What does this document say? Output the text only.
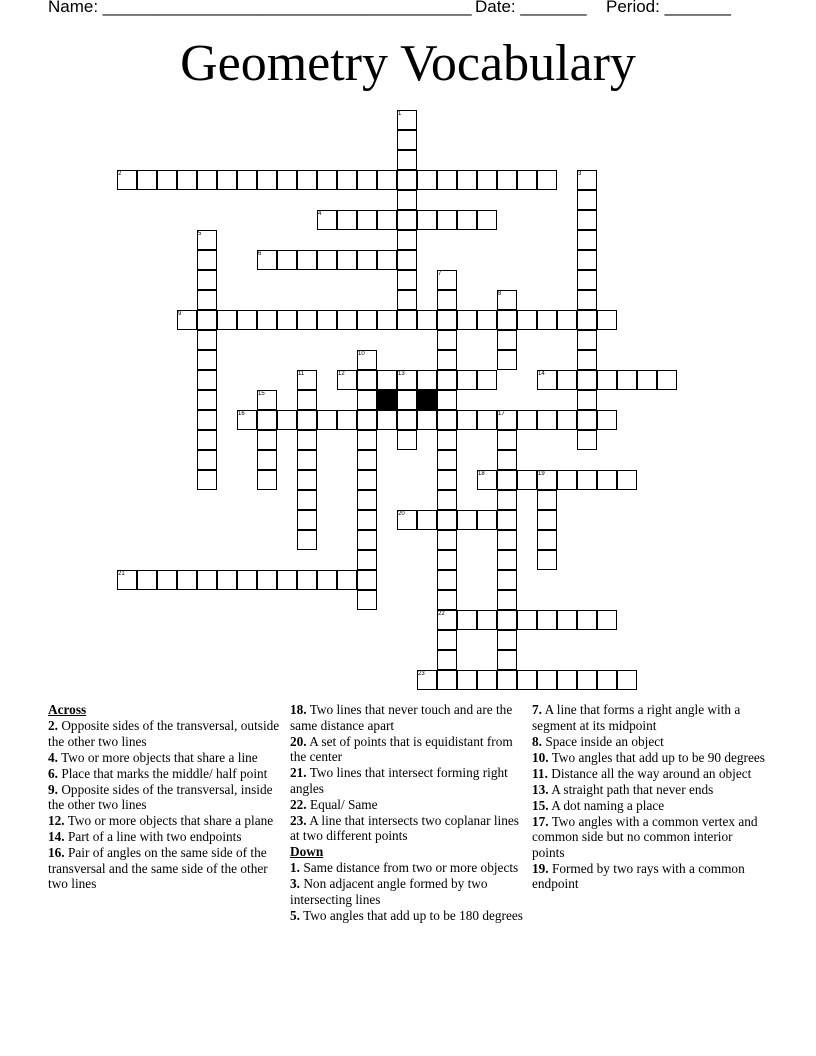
Name: _______________________________________

Date: _______

Period: _______

Geometry Vocabulary
1
2	3
4
5
6
7
8
9
10
11	12	13	14
15
16	17
18	19
20
21
22
23

Across

2. Opposite sides of the transversal, outside the other two lines

4. Two or more objects that share a line

6. Place that marks the middle/ half point

9. Opposite sides of the transversal, inside the other two lines

12. Two or more objects that share a plane

14. Part of a line with two endpoints

16. Pair of angles on the same side of the transversal and the same side of the other two lines

18. Two lines that never touch and are the same distance apart

20. A set of points that is equidistant from the center

21. Two lines that intersect forming right angles

22. Equal/ Same

23. A line that intersects two coplanar lines at two different points

Down

1. Same distance from two or more objects

3. Non adjacent angle formed by two intersecting lines

5. Two angles that add up to be 180 degrees

7. A line that forms a right angle with a segment at its midpoint

8. Space inside an object

10. Two angles that add up to be 90 degrees

11. Distance all the way around an object

13. A straight path that never ends

15. A dot naming a place

17. Two angles with a common vertex and common side but no common interior points

19. Formed by two rays with a common endpoint
